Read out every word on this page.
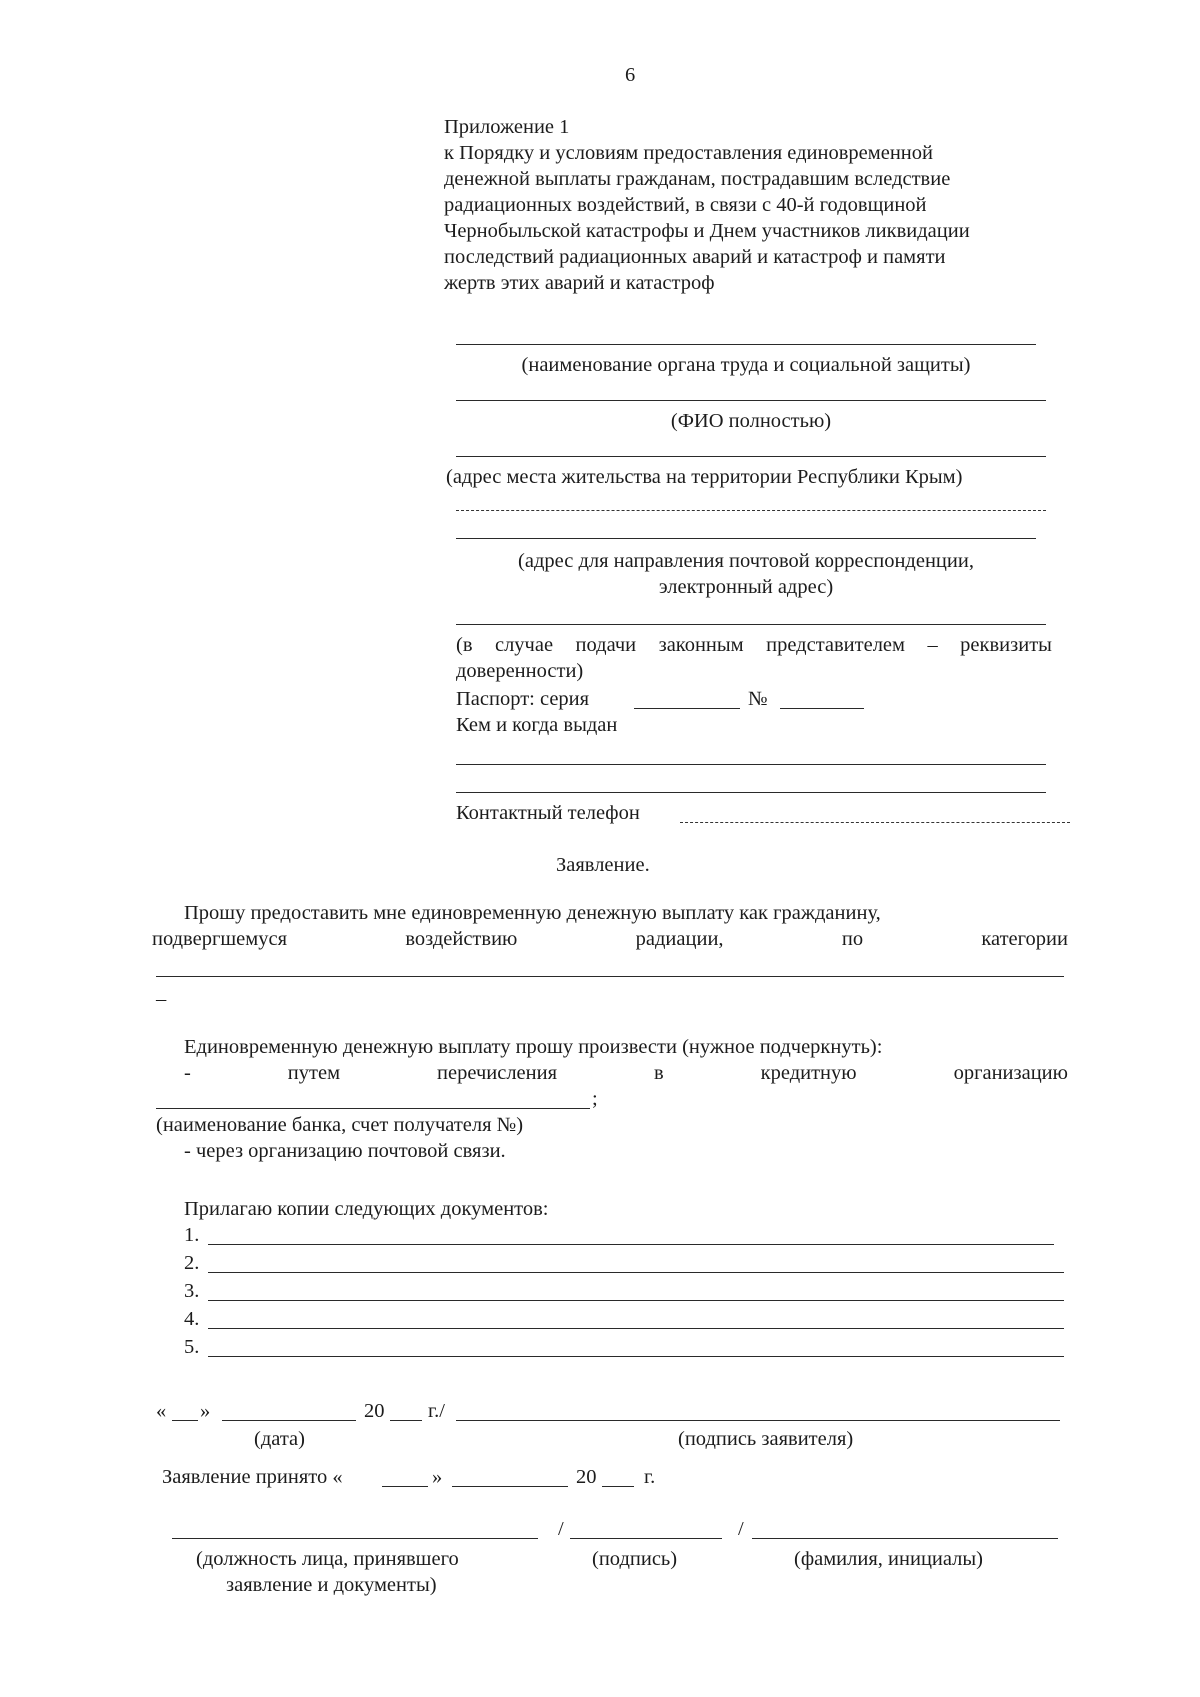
6
Приложение 1
к Порядку и условиям предоставления единовременной
денежной выплаты гражданам, пострадавшим вследствие
радиационных воздействий, в связи с 40-й годовщиной
Чернобыльской катастрофы и Днем участников ликвидации
последствий радиационных аварий и катастроф и памяти
жертв этих аварий и катастроф
(наименование органа труда и социальной защиты)
(ФИО полностью)
(адрес места жительства на территории Республики Крым)
(адрес для направления почтовой корреспонденции,
электронный адрес)
(в случае подачи законным представителем – реквизиты
доверенности)
Паспорт: серия	№
Кем и когда выдан
Контактный телефон
Заявление.
Прошу предоставить мне единовременную денежную выплату как гражданину,
подвергшемуся	воздействию	радиации,	по	категории
–
Единовременную денежную выплату прошу произвести (нужное подчеркнуть):
-	путем	перечисления	в	кредитную	организацию
;
(наименование банка, счет получателя №)
- через организацию почтовой связи.
Прилагаю копии следующих документов:
1.
2.
3.
4.
5.
« »	20 г./
(дата)	(подпись заявителя)
Заявление принято «	»	20 г.
/	/
(должность лица, принявшего
заявление и документы)
(подпись)	(фамилия, инициалы)
